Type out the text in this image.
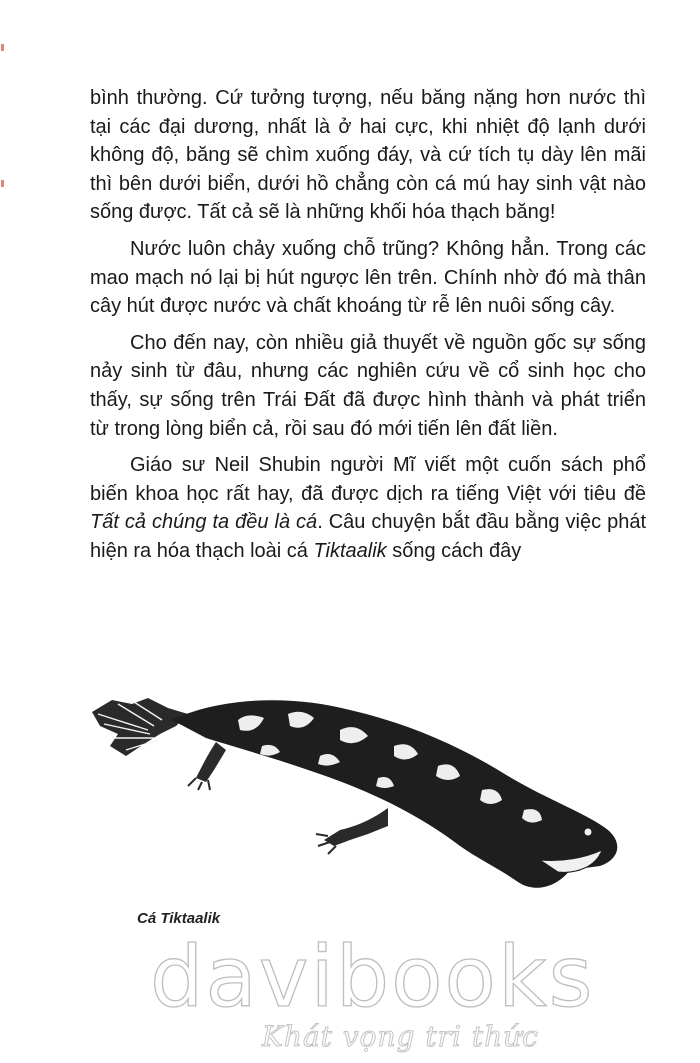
bình thường. Cứ tưởng tượng, nếu băng nặng hơn nước thì tại các đại dương, nhất là ở hai cực, khi nhiệt độ lạnh dưới không độ, băng sẽ chìm xuống đáy, và cứ tích tụ dày lên mãi thì bên dưới biển, dưới hồ chẳng còn cá mú hay sinh vật nào sống được. Tất cả sẽ là những khối hóa thạch băng!

Nước luôn chảy xuống chỗ trũng? Không hẳn. Trong các mao mạch nó lại bị hút ngược lên trên. Chính nhờ đó mà thân cây hút được nước và chất khoáng từ rễ lên nuôi sống cây.

Cho đến nay, còn nhiều giả thuyết về nguồn gốc sự sống nảy sinh từ đâu, nhưng các nghiên cứu về cổ sinh học cho thấy, sự sống trên Trái Đất đã được hình thành và phát triển từ trong lòng biển cả, rồi sau đó mới tiến lên đất liền.

Giáo sư Neil Shubin người Mĩ viết một cuốn sách phổ biến khoa học rất hay, đã được dịch ra tiếng Việt với tiêu đề Tất cả chúng ta đều là cá. Câu chuyện bắt đầu bằng việc phát hiện ra hóa thạch loài cá Tiktaalik sống cách đây

Cá Tiktaalik
davibooks
Khát vọng tri thức
